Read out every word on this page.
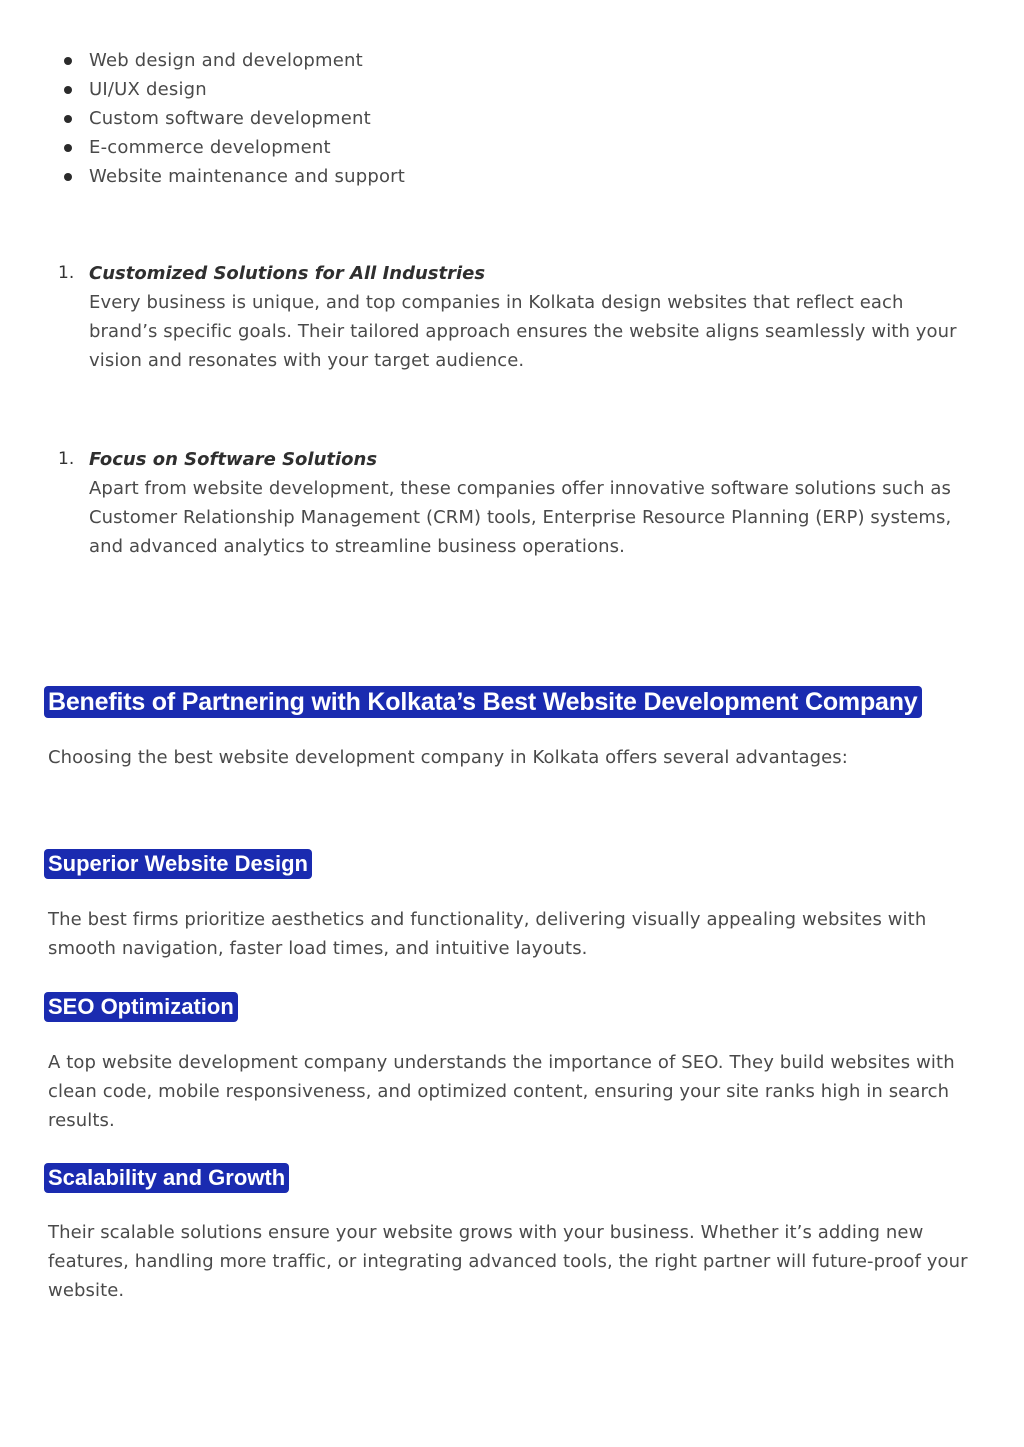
Web design and development
UI/UX design
Custom software development
E-commerce development
Website maintenance and support
1. Customized Solutions for All Industries
Every business is unique, and top companies in Kolkata design websites that reflect each
brand’s specific goals. Their tailored approach ensures the website aligns seamlessly with your
vision and resonates with your target audience.
1. Focus on Software Solutions
Apart from website development, these companies offer innovative software solutions such as
Customer Relationship Management (CRM) tools, Enterprise Resource Planning (ERP) systems,
and advanced analytics to streamline business operations.
Benefits of Partnering with Kolkata’s Best Website Development Company

Choosing the best website development company in Kolkata offers several advantages:

Superior Website Design
The best firms prioritize aesthetics and functionality, delivering visually appealing websites with
smooth navigation, faster load times, and intuitive layouts.
SEO Optimization
A top website development company understands the importance of SEO. They build websites with
clean code, mobile responsiveness, and optimized content, ensuring your site ranks high in search
results.
Scalability and Growth
Their scalable solutions ensure your website grows with your business. Whether it’s adding new
features, handling more traffic, or integrating advanced tools, the right partner will future-proof your
website.
